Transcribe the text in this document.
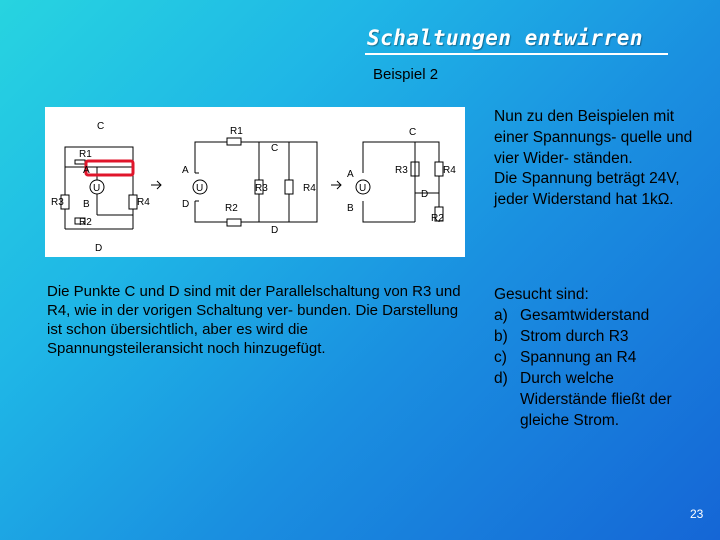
Schaltungen entwirren
Beispiel 2
C
R1
A
U
B
R3	R4
R2
D
R1
C
A
U
D
R3	R4
R2
D
C
A
U
B
R3	R4
D
R2
Die Punkte C und D sind mit der Parallelschaltung von R3 und R4, wie in der vorigen Schaltung ver- bunden. Die Darstellung ist schon übersichtlich, aber es wird die Spannungsteileransicht noch hinzugefügt.

Nun zu den Beispielen mit einer Spannungs- quelle und vier Wider- ständen.

Die Spannung beträgt 24V, jeder Widerstand hat 1kΩ.

Gesucht sind:
a) Gesamtwiderstand
b) Strom durch R3
c) Spannung an R4
d) Durch welche Widerstände fließt der gleiche Strom.
23
